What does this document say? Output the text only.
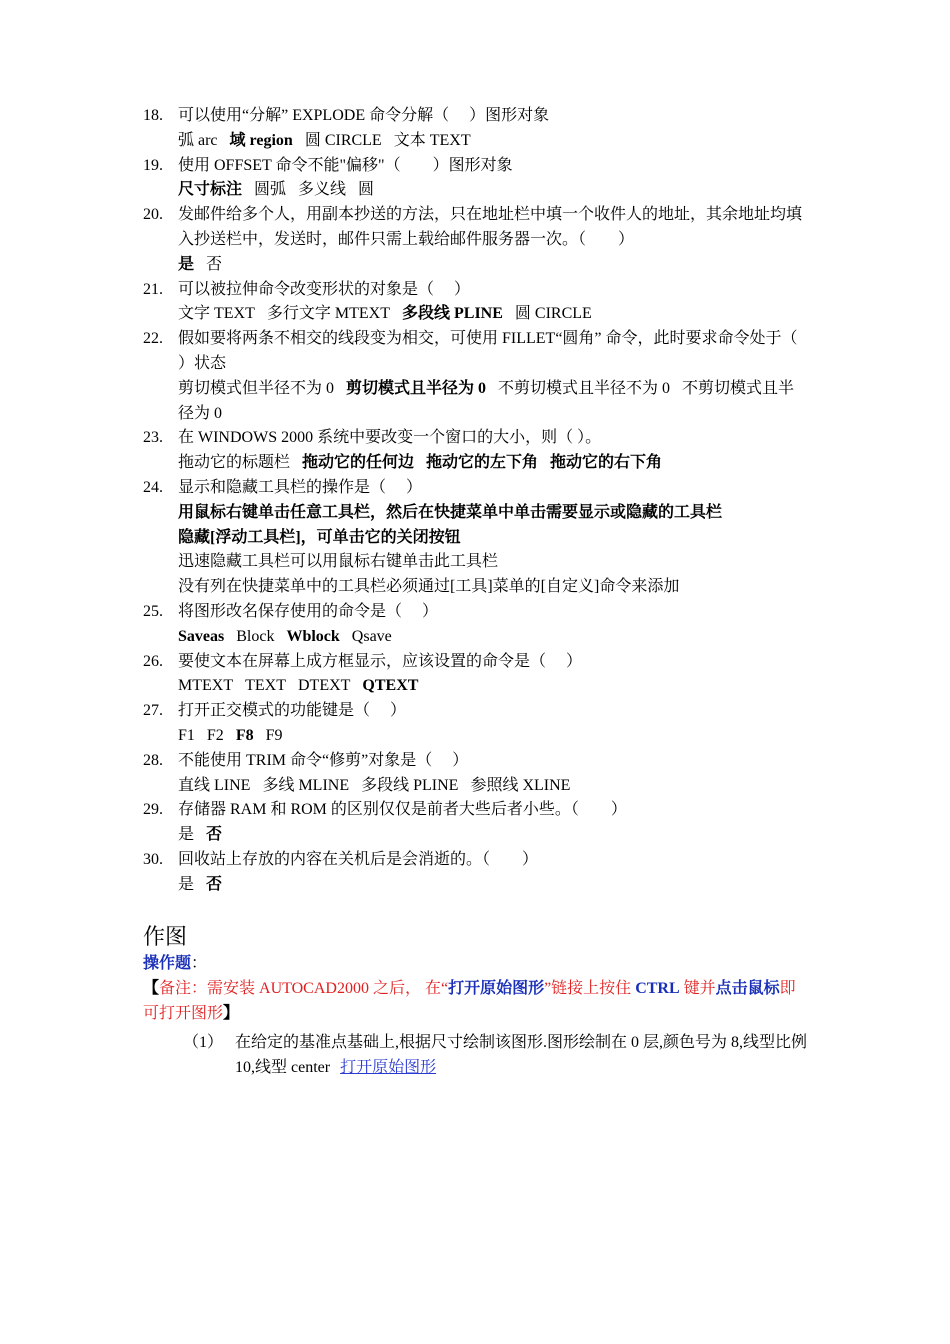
18. 可以使用“分解” EXPLODE 命令分解（　 ）图形对象
弧 arc 域 region 圆 CIRCLE 文本 TEXT
19. 使用 OFFSET 命令不能"偏移"（　　）图形对象
尺寸标注 圆弧 多义线 圆
20. 发邮件给多个人，用副本抄送的方法，只在地址栏中填一个收件人的地址，其余地址均填入抄送栏中，发送时，邮件只需上载给邮件服务器一次。（　　）
是 否
21. 可以被拉伸命令改变形状的对象是（　 ）
文字 TEXT 多行文字 MTEXT 多段线 PLINE 圆 CIRCLE
22. 假如要将两条不相交的线段变为相交，可使用 FILLET“圆角” 命令，此时要求命令处于（　 ）状态
剪切模式但半径不为 0 剪切模式且半径为 0 不剪切模式且半径不为 0 不剪切模式且半径为 0
23. 在 WINDOWS 2000 系统中要改变一个窗口的大小，则（ ）。
拖动它的标题栏 拖动它的任何边 拖动它的左下角 拖动它的右下角
24. 显示和隐藏工具栏的操作是（　 ）
用鼠标右键单击任意工具栏，然后在快捷菜单中单击需要显示或隐藏的工具栏
隐藏[浮动工具栏]，可单击它的关闭按钮
迅速隐藏工具栏可以用鼠标右键单击此工具栏
没有列在快捷菜单中的工具栏必须通过[工具]菜单的[自定义]命令来添加
25. 将图形改名保存使用的命令是（　 ）
Saveas Block Wblock Qsave
26. 要使文本在屏幕上成方框显示，应该设置的命令是（　 ）
MTEXT TEXT DTEXT QTEXT
27. 打开正交模式的功能键是（　 ）
F1 F2 F8 F9
28. 不能使用 TRIM 命令“修剪”对象是（　 ）
直线 LINE 多线 MLINE 多段线 PLINE 参照线 XLINE
29. 存储器 RAM 和 ROM 的区别仅仅是前者大些后者小些。（　　）
是 否
30. 回收站上存放的内容在关机后是会消逝的。（　　）
是 否
作图
操作题：
【备注：需安装 AUTOCAD2000 之后， 在“打开原始图形”链接上按住 CTRL 键并点击鼠标即可打开图形】
（1） 在给定的基准点基础上,根据尺寸绘制该图形.图形绘制在 0 层,颜色号为 8,线型比例 10,线型 center 打开原始图形
